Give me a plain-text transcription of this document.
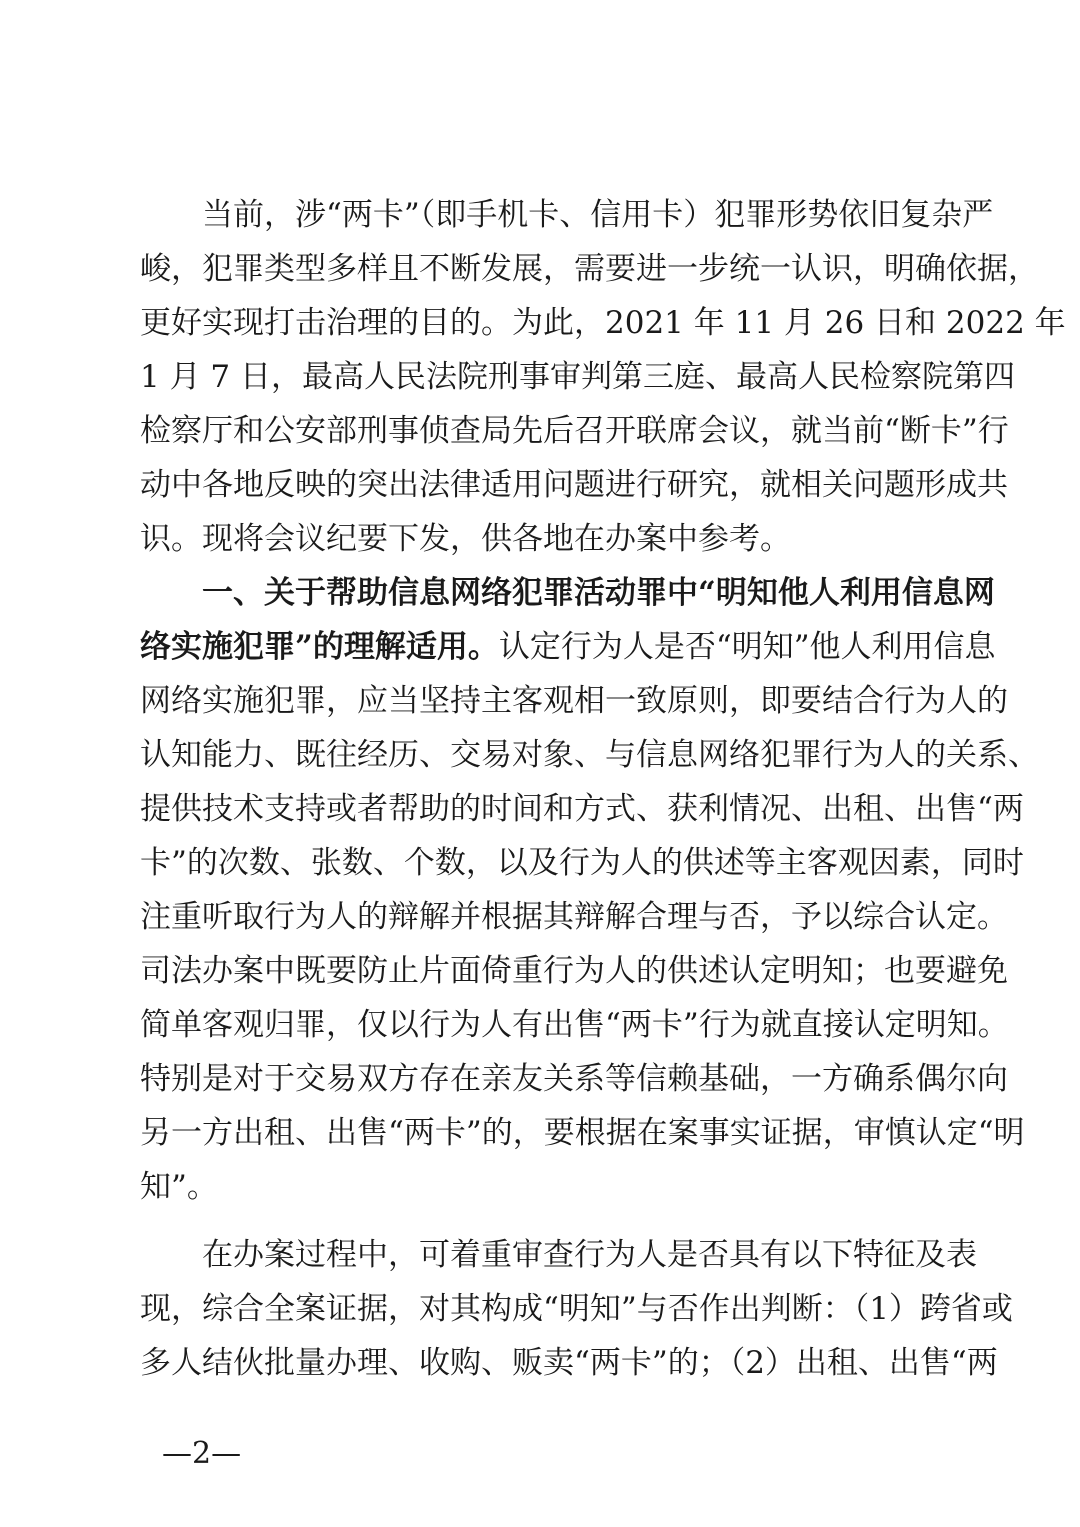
　　当前，涉“两卡”（即手机卡、信用卡）犯罪形势依旧复杂严
峻，犯罪类型多样且不断发展，需要进一步统一认识，明确依据，
更好实现打击治理的目的。为此，2021 年 11 月 26 日和 2022 年
1 月 7 日，最高人民法院刑事审判第三庭、最高人民检察院第四
检察厅和公安部刑事侦查局先后召开联席会议，就当前“断卡”行
动中各地反映的突出法律适用问题进行研究，就相关问题形成共
识。现将会议纪要下发，供各地在办案中参考。
　　一、关于帮助信息网络犯罪活动罪中“明知他人利用信息网
络实施犯罪”的理解适用。认定行为人是否“明知”他人利用信息
网络实施犯罪，应当坚持主客观相一致原则，即要结合行为人的
认知能力、既往经历、交易对象、与信息网络犯罪行为人的关系、
提供技术支持或者帮助的时间和方式、获利情况、出租、出售“两
卡”的次数、张数、个数，以及行为人的供述等主客观因素，同时
注重听取行为人的辩解并根据其辩解合理与否，予以综合认定。
司法办案中既要防止片面倚重行为人的供述认定明知；也要避免
简单客观归罪，仅以行为人有出售“两卡”行为就直接认定明知。
特别是对于交易双方存在亲友关系等信赖基础，一方确系偶尔向
另一方出租、出售“两卡”的，要根据在案事实证据，审慎认定“明
知”。
　　在办案过程中，可着重审查行为人是否具有以下特征及表
现，综合全案证据，对其构成“明知”与否作出判断：（1）跨省或
多人结伙批量办理、收购、贩卖“两卡”的；（2）出租、出售“两
—2—
